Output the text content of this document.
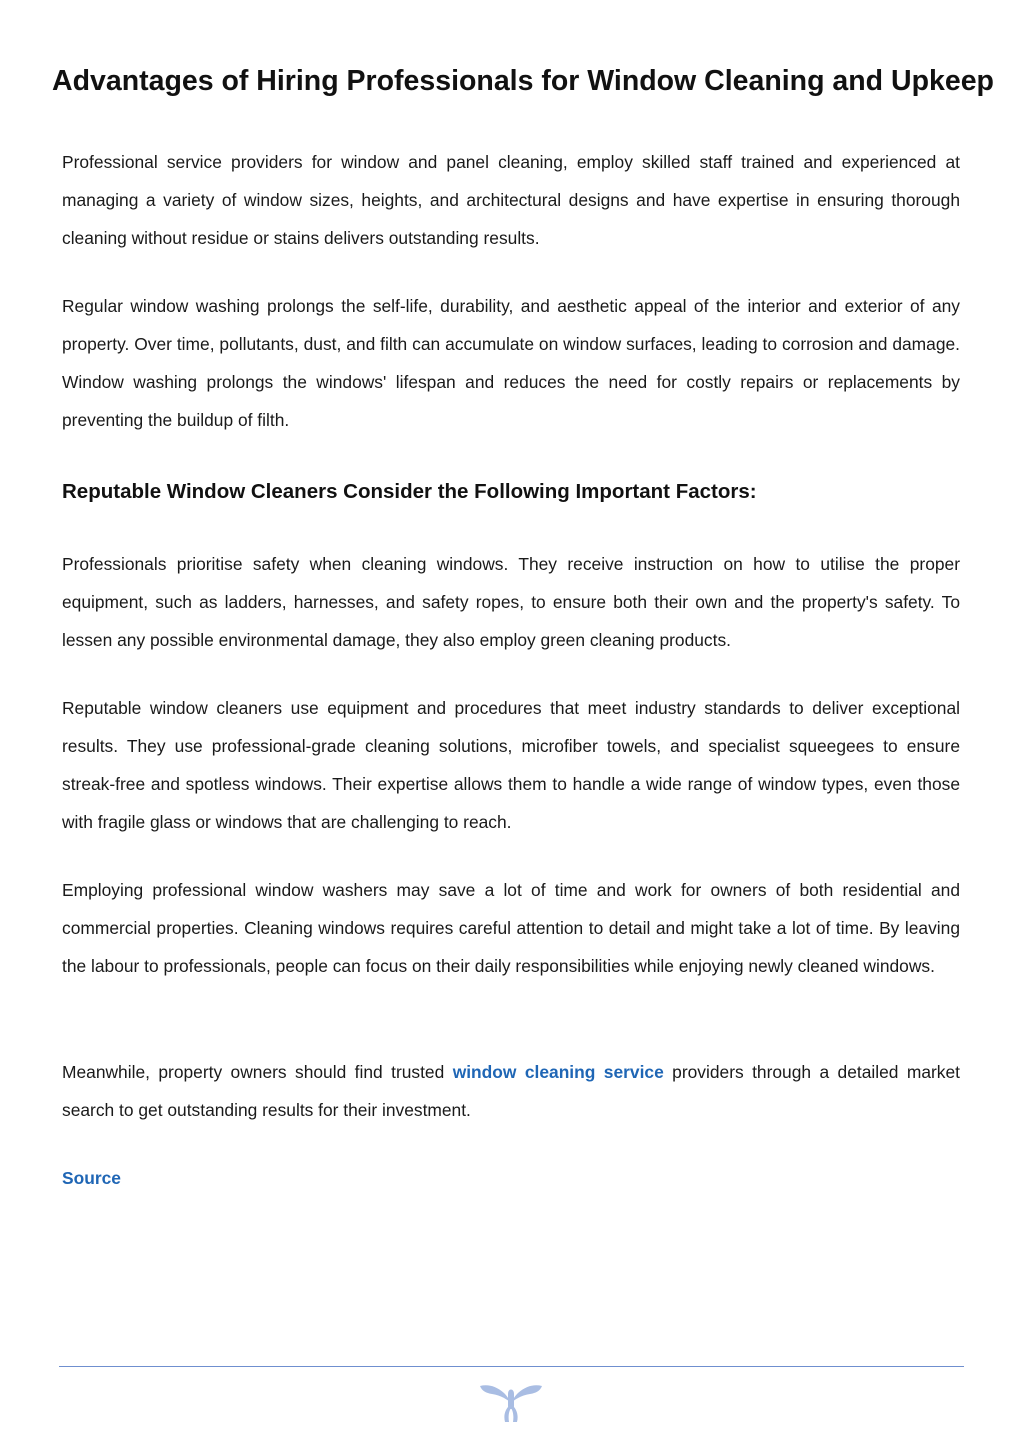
Advantages of Hiring Professionals for Window Cleaning and Upkeep

Professional service providers for window and panel cleaning, employ skilled staff trained and experienced at managing a variety of window sizes, heights, and architectural designs and have expertise in ensuring thorough cleaning without residue or stains delivers outstanding results.

Regular window washing prolongs the self-life, durability, and aesthetic appeal of the interior and exterior of any property. Over time, pollutants, dust, and filth can accumulate on window surfaces, leading to corrosion and damage. Window washing prolongs the windows' lifespan and reduces the need for costly repairs or replacements by preventing the buildup of filth.

Reputable Window Cleaners Consider the Following Important Factors:

Professionals prioritise safety when cleaning windows. They receive instruction on how to utilise the proper equipment, such as ladders, harnesses, and safety ropes, to ensure both their own and the property's safety. To lessen any possible environmental damage, they also employ green cleaning products.

Reputable window cleaners use equipment and procedures that meet industry standards to deliver exceptional results. They use professional-grade cleaning solutions, microfiber towels, and specialist squeegees to ensure streak-free and spotless windows. Their expertise allows them to handle a wide range of window types, even those with fragile glass or windows that are challenging to reach.

Employing professional window washers may save a lot of time and work for owners of both residential and commercial properties. Cleaning windows requires careful attention to detail and might take a lot of time. By leaving the labour to professionals, people can focus on their daily responsibilities while enjoying newly cleaned windows.

Meanwhile, property owners should find trusted window cleaning service providers through a detailed market search to get outstanding results for their investment.

Source
